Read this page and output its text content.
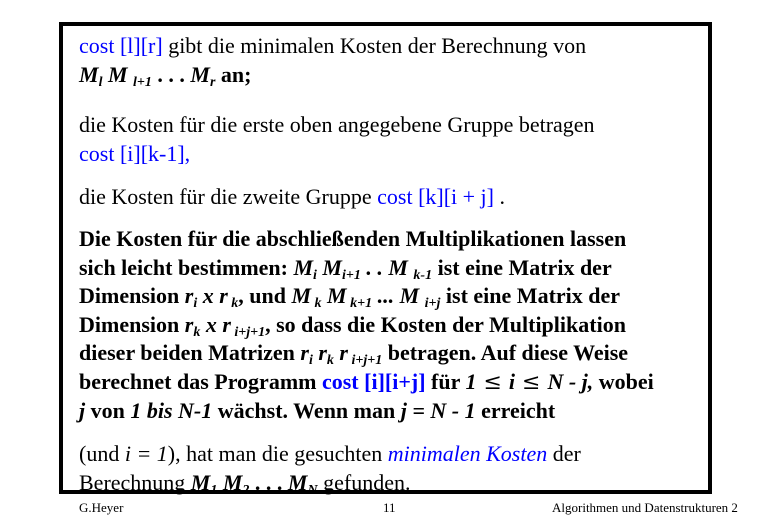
cost [l][r] gibt die minimalen Kosten der Berechnung von
$M_l$ M $_{l+1}$ . . . $M_r$ an;
die Kosten für die erste oben angegebene Gruppe betragen
cost [i][k-1],
die Kosten für die zweite Gruppe cost [k][i + j] .
Die Kosten für die abschließenden Multiplikationen lassen
sich leicht bestimmen: $M_i$ $M_{i+1}$ . . M $_{k-1}$ ist eine Matrix der
Dimension $r_i$ x r $_k$, und M $_k$ M $_{k+1}$ ... M $_{i+j}$ ist eine Matrix der
Dimension $r_k$ x r $_{i+j+1}$, so dass die Kosten der Multiplikation
dieser beiden Matrizen $r_i$ $r_k$ r $_{i+j+1}$ betragen. Auf diese Weise
berechnet das Programm cost [i][i+j] für 1 ≤ i ≤ N - j, wobei
j von 1 bis N-1 wächst. Wenn man j = N - 1 erreicht
(und i = 1), hat man die gesuchten minimalen Kosten der
Berechnung $M_1$ $M_2$ . . . $M_N$ gefunden.
G.Heyer	11	Algorithmen und Datenstrukturen 2
